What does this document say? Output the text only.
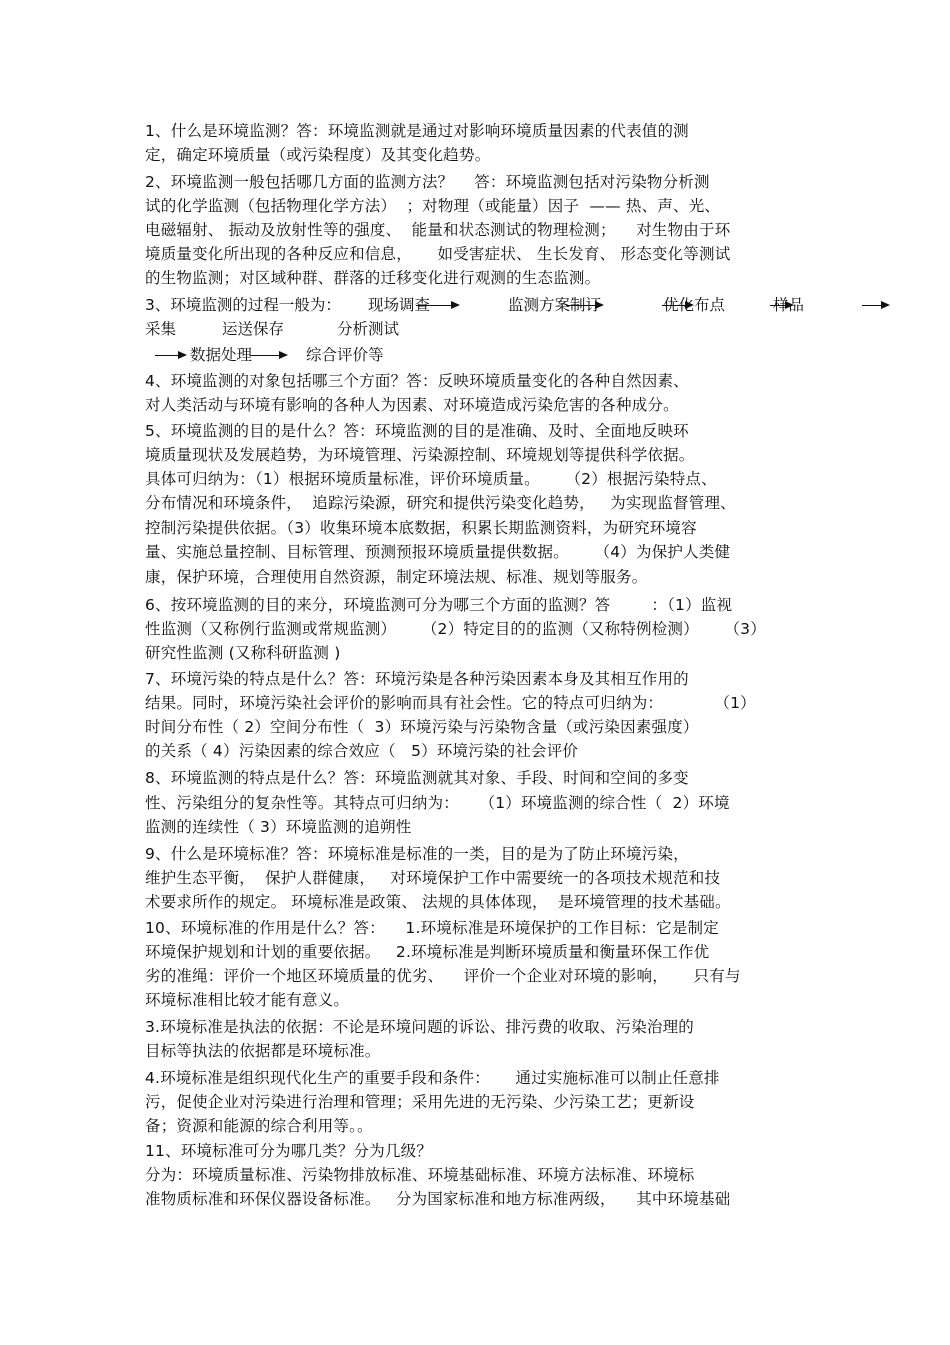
1、什么是环境监测？答：环境监测就是通过对影响环境质量因素的代表值的测
定，确定环境质量（或污染程度）及其变化趋势。
2、环境监测一般包括哪几方面的监测方法？　 答：环境监测包括对污染物分析测
试的化学监测（包括物理化学方法）  ；对物理（或能量）因子  —— 热、声、光、
电磁辐射、 振动及放射性等的强度、  能量和状态测试的物理检测；    对生物由于环
境质量变化所出现的各种反应和信息，     如受害症状、 生长发育、 形态变化等测试
的生物监测；对区域种群、群落的迁移变化进行观测的生态监测。
3、环境监测的过程一般为： 现场调查	监测方案制订	优化布点	样品
采集	运送保存	分析测试
数据处理	综合评价等
4、环境监测的对象包括哪三个方面？答：反映环境质量变化的各种自然因素、
对人类活动与环境有影响的各种人为因素、对环境造成污染危害的各种成分。
5、环境监测的目的是什么？答：环境监测的目的是准确、及时、全面地反映环
境质量现状及发展趋势，为环境管理、污染源控制、环境规划等提供科学依据。
具体可归纳为：（1）根据环境质量标准，评价环境质量。     （2）根据污染特点、
分布情况和环境条件，  追踪污染源，研究和提供污染变化趋势，   为实现监督管理、
控制污染提供依据。（3）收集环境本底数据，积累长期监测资料，为研究环境容
量、实施总量控制、目标管理、预测预报环境质量提供数据。     （4）为保护人类健
康，保护环境，合理使用自然资源，制定环境法规、标准、规划等服务。
6、按环境监测的目的来分，环境监测可分为哪三个方面的监测？答        ：（1）监视
性监测（又称例行监测或常规监测）     （2）特定目的的监测（又称特例检测）     （3）
研究性监测 (又称科研监测 )
7、环境污染的特点是什么？答：环境污染是各种污染因素本身及其相互作用的
结果。同时，环境污染社会评价的影响而具有社会性。它的特点可归纳为：          （1）
时间分布性（ 2）空间分布性（  3）环境污染与污染物含量（或污染因素强度）
的关系（ 4）污染因素的综合效应（   5）环境污染的社会评价
8、环境监测的特点是什么？答：环境监测就其对象、手段、时间和空间的多变
性、污染组分的复杂性等。其特点可归纳为：    （1）环境监测的综合性（  2）环境
监测的连续性（ 3）环境监测的追朔性
9、什么是环境标准？答：环境标准是标准的一类，目的是为了防止环境污染，
维护生态平衡，  保护人群健康，   对环境保护工作中需要统一的各项技术规范和技
术要求所作的规定。 环境标准是政策、 法规的具体体现，  是环境管理的技术基础。
10、环境标准的作用是什么？答：    1.环境标准是环境保护的工作目标：它是制定
环境保护规划和计划的重要依据。   2.环境标准是判断环境质量和衡量环保工作优
劣的准绳：评价一个地区环境质量的优劣、    评价一个企业对环境的影响，     只有与
环境标准相比较才能有意义。
3.环境标准是执法的依据：不论是环境问题的诉讼、排污费的收取、污染治理的
目标等执法的依据都是环境标准。
4.环境标准是组织现代化生产的重要手段和条件：     通过实施标准可以制止任意排
污，促使企业对污染进行治理和管理；采用先进的无污染、少污染工艺；更新设
备；资源和能源的综合利用等。。
11、环境标准可分为哪几类？分为几级？
分为：环境质量标准、污染物排放标准、环境基础标准、环境方法标准、环境标
准物质标准和环保仪器设备标准。   分为国家标准和地方标准两级，    其中环境基础
